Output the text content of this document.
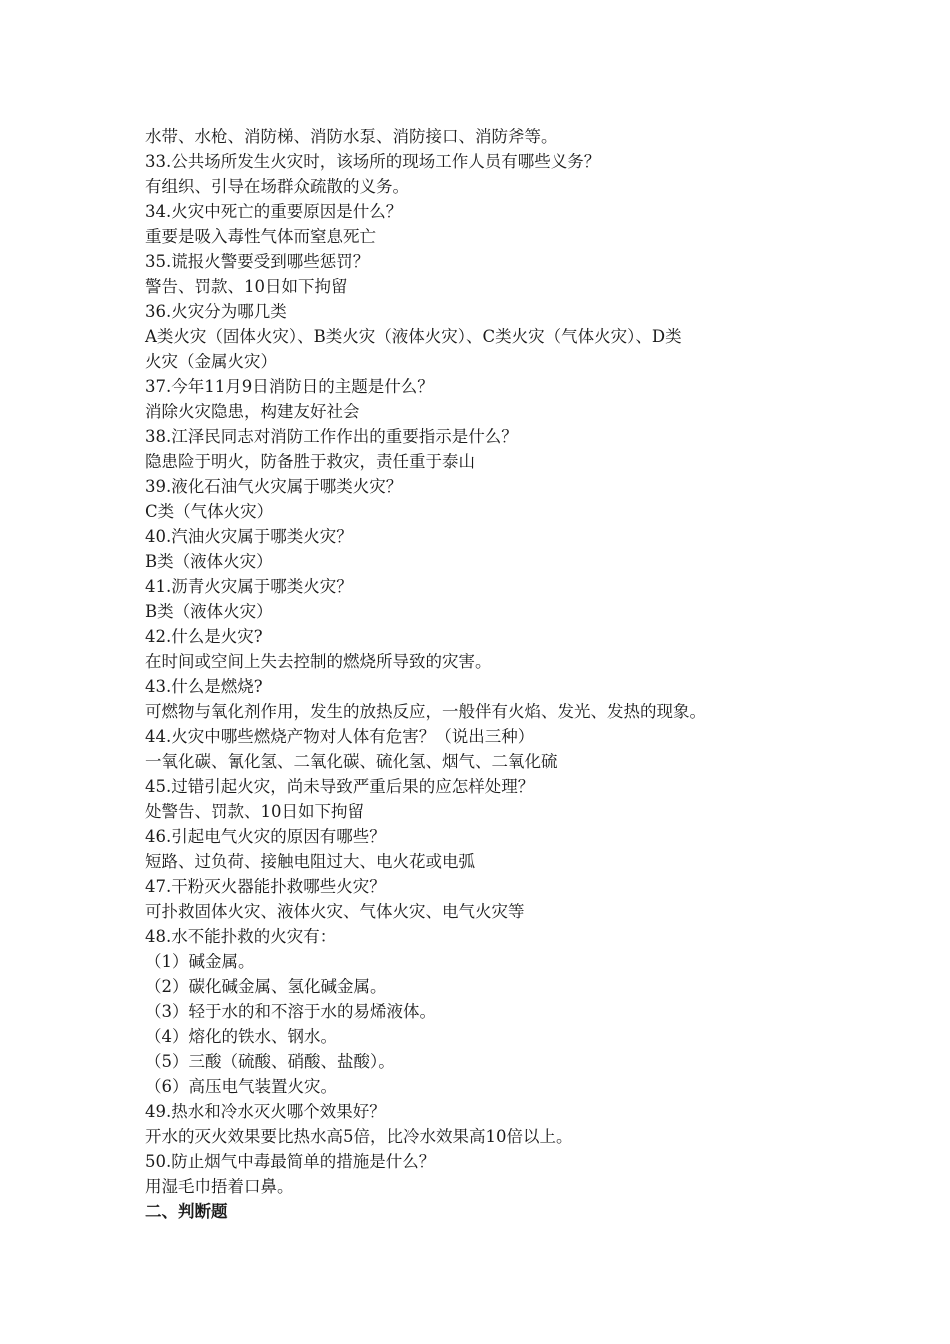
水带、水枪、消防梯、消防水泵、消防接口、消防斧等。
33.公共场所发生火灾时，该场所的现场工作人员有哪些义务？
有组织、引导在场群众疏散的义务。
34.火灾中死亡的重要原因是什么？
重要是吸入毒性气体而窒息死亡
35.谎报火警要受到哪些惩罚？
警告、罚款、10日如下拘留
36.火灾分为哪几类
A类火灾（固体火灾）、B类火灾（液体火灾）、C类火灾（气体火灾）、D类
火灾（金属火灾）
37.今年11月9日消防日的主题是什么？
消除火灾隐患，构建友好社会
38.江泽民同志对消防工作作出的重要指示是什么？
隐患险于明火，防备胜于救灾，责任重于泰山
39.液化石油气火灾属于哪类火灾？
C类（气体火灾）
40.汽油火灾属于哪类火灾？
B类（液体火灾）
41.沥青火灾属于哪类火灾？
B类（液体火灾）
42.什么是火灾?
在时间或空间上失去控制的燃烧所导致的灾害。
43.什么是燃烧?
可燃物与氧化剂作用，发生的放热反应，一般伴有火焰、发光、发热的现象。
44.火灾中哪些燃烧产物对人体有危害？（说出三种）
一氧化碳、氰化氢、二氧化碳、硫化氢、烟气、二氧化硫
45.过错引起火灾，尚未导致严重后果的应怎样处理？
处警告、罚款、10日如下拘留
46.引起电气火灾的原因有哪些？
短路、过负荷、接触电阻过大、电火花或电弧
47.干粉灭火器能扑救哪些火灾？
可扑救固体火灾、液体火灾、气体火灾、电气火灾等
48.水不能扑救的火灾有：
（1）碱金属。
（2）碳化碱金属、氢化碱金属。
（3）轻于水的和不溶于水的易烯液体。
（4）熔化的铁水、钢水。
（5）三酸（硫酸、硝酸、盐酸）。
（6）高压电气装置火灾。
49.热水和冷水灭火哪个效果好？
开水的灭火效果要比热水高5倍，比冷水效果高10倍以上。
50.防止烟气中毒最简单的措施是什么？
用湿毛巾捂着口鼻。
二、判断题
